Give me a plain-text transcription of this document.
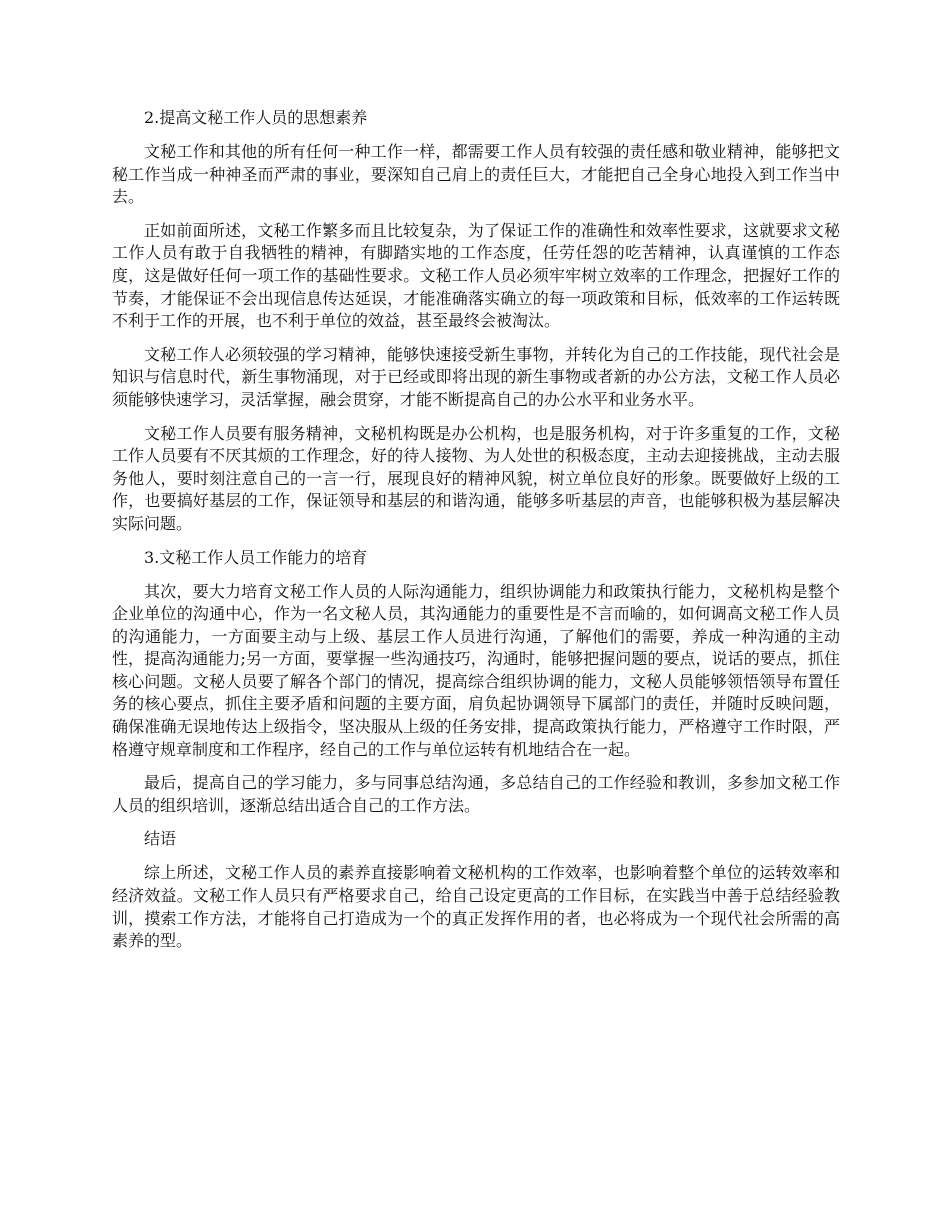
2.提高文秘工作人员的思想素养

文秘工作和其他的所有任何一种工作一样，都需要工作人员有较强的责任感和敬业精神，能够把文秘工作当成一种神圣而严肃的事业，要深知自己肩上的责任巨大，才能把自己全身心地投入到工作当中去。

正如前面所述，文秘工作繁多而且比较复杂，为了保证工作的准确性和效率性要求，这就要求文秘工作人员有敢于自我牺牲的精神，有脚踏实地的工作态度，任劳任怨的吃苦精神，认真谨慎的工作态度，这是做好任何一项工作的基础性要求。文秘工作人员必须牢牢树立效率的工作理念，把握好工作的节奏，才能保证不会出现信息传达延误，才能准确落实确立的每一项政策和目标，低效率的工作运转既不利于工作的开展，也不利于单位的效益，甚至最终会被淘汰。

文秘工作人必须较强的学习精神，能够快速接受新生事物，并转化为自己的工作技能，现代社会是知识与信息时代，新生事物涌现，对于已经或即将出现的新生事物或者新的办公方法，文秘工作人员必须能够快速学习，灵活掌握，融会贯穿，才能不断提高自己的办公水平和业务水平。

文秘工作人员要有服务精神，文秘机构既是办公机构，也是服务机构，对于许多重复的工作，文秘工作人员要有不厌其烦的工作理念，好的待人接物、为人处世的积极态度，主动去迎接挑战，主动去服务他人，要时刻注意自己的一言一行，展现良好的精神风貌，树立单位良好的形象。既要做好上级的工作，也要搞好基层的工作，保证领导和基层的和谐沟通，能够多听基层的声音，也能够积极为基层解决实际问题。

3.文秘工作人员工作能力的培育

其次，要大力培育文秘工作人员的人际沟通能力，组织协调能力和政策执行能力，文秘机构是整个企业单位的沟通中心，作为一名文秘人员，其沟通能力的重要性是不言而喻的，如何调高文秘工作人员的沟通能力，一方面要主动与上级、基层工作人员进行沟通，了解他们的需要，养成一种沟通的主动性，提高沟通能力;另一方面，要掌握一些沟通技巧，沟通时，能够把握问题的要点，说话的要点，抓住核心问题。文秘人员要了解各个部门的情况，提高综合组织协调的能力，文秘人员能够领悟领导布置任务的核心要点，抓住主要矛盾和问题的主要方面，肩负起协调领导下属部门的责任，并随时反映问题，确保准确无误地传达上级指令，坚决服从上级的任务安排，提高政策执行能力，严格遵守工作时限，严格遵守规章制度和工作程序，经自己的工作与单位运转有机地结合在一起。

最后，提高自己的学习能力，多与同事总结沟通，多总结自己的工作经验和教训，多参加文秘工作人员的组织培训，逐渐总结出适合自己的工作方法。

结语

综上所述，文秘工作人员的素养直接影响着文秘机构的工作效率，也影响着整个单位的运转效率和经济效益。文秘工作人员只有严格要求自己，给自己设定更高的工作目标，在实践当中善于总结经验教训，摸索工作方法，才能将自己打造成为一个的真正发挥作用的者，也必将成为一个现代社会所需的高素养的型。
